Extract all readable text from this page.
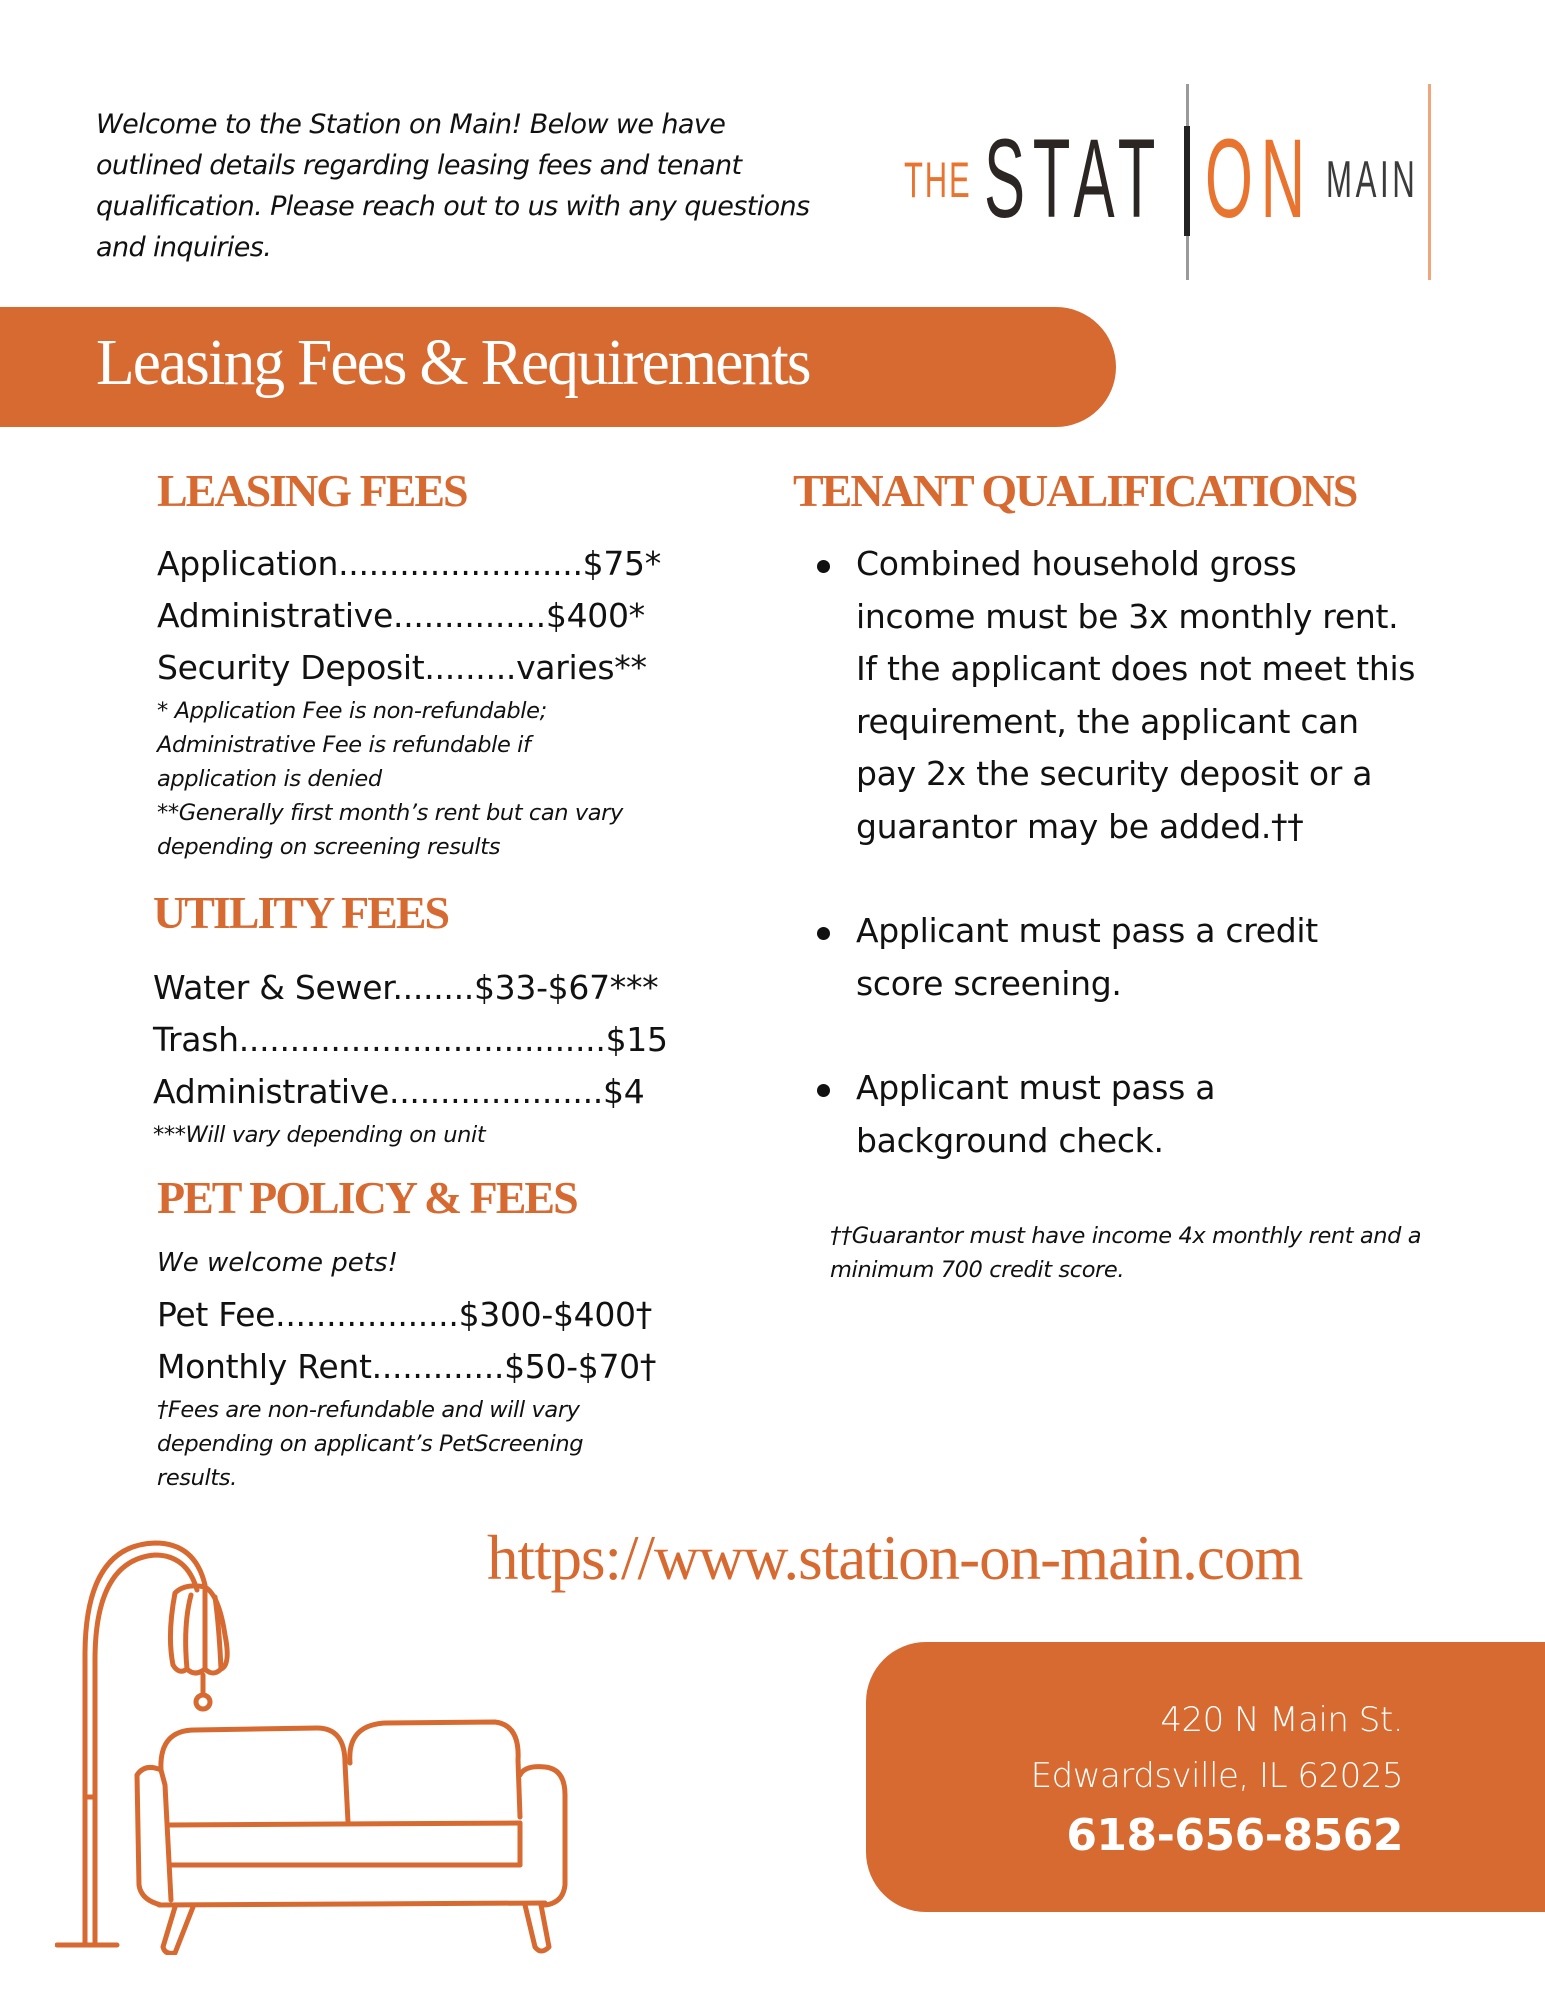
Welcome to the Station on Main! Below we have outlined details regarding leasing fees and tenant qualification. Please reach out to us with any questions and inquiries.
THE STAT ON MAIN
Leasing Fees & Requirements
LEASING FEES
Application........................$75*
Administrative...............$400*
Security Deposit.........varies**
* Application Fee is non-refundable; Administrative Fee is refundable if application is denied
**Generally first month’s rent but can vary depending on screening results
UTILITY FEES
Water & Sewer........$33-$67***
Trash....................................$15
Administrative.....................$4
***Will vary depending on unit
PET POLICY & FEES
We welcome pets!
Pet Fee..................$300-$400†
Monthly Rent.............$50-$70†
†Fees are non-refundable and will vary depending on applicant’s PetScreening results.
TENANT QUALIFICATIONS
Combined household gross income must be 3x monthly rent. If the applicant does not meet this requirement, the applicant can pay 2x the security deposit or a guarantor may be added.††
Applicant must pass a credit score screening.
Applicant must pass a background check.
††Guarantor must have income 4x monthly rent and a minimum 700 credit score.
https://www.station-on-main.com
420 N Main St.
Edwardsville, IL 62025
618-656-8562
